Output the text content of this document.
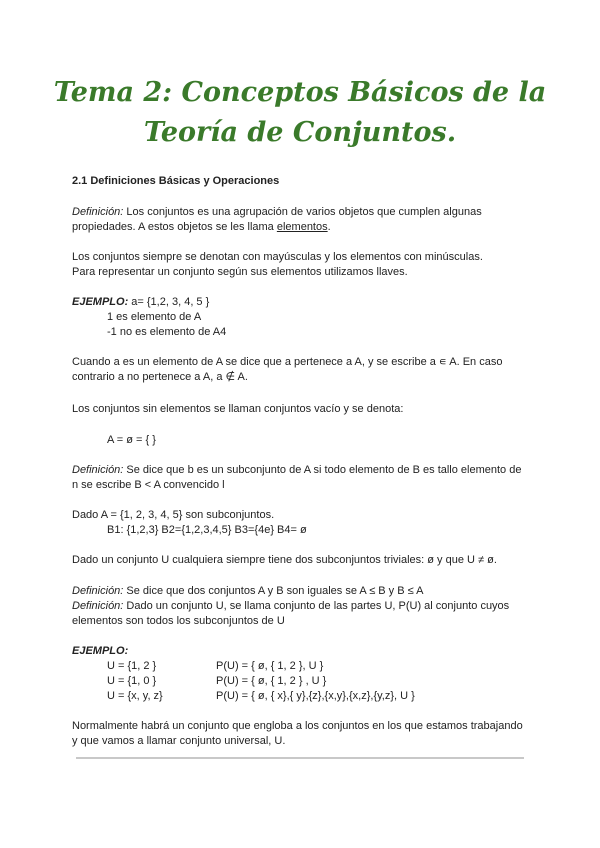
Tema 2: Conceptos Básicos de la
Teoría de Conjuntos.
2.1 Definiciones Básicas y Operaciones
Definición: Los conjuntos es una agrupación de varios objetos que cumplen algunas
propiedades. A estos objetos se les llama elementos.
Los conjuntos siempre se denotan con mayúsculas y los elementos con minúsculas.
Para representar un conjunto según sus elementos utilizamos llaves.
EJEMPLO: a= {1,2, 3, 4, 5 }
1 es elemento de A
-1 no es elemento de A4
Cuando a es un elemento de A se dice que a pertenece a A, y se escribe a ∊ A. En caso
contrario a no pertenece a A, a ∉ A.
Los conjuntos sin elementos se llaman conjuntos vacío y se denota:
A = ø = { }
Definición: Se dice que b es un subconjunto de A si todo elemento de B es tallo elemento de
n se escribe B < A convencido l
Dado A = {1, 2, 3, 4, 5} son subconjuntos.
B1: {1,2,3} B2={1,2,3,4,5} B3={4e} B4= ø
Dado un conjunto U cualquiera siempre tiene dos subconjuntos triviales: ø y que U ≠ ø.
Definición: Se dice que dos conjuntos A y B son iguales se A ≤ B y B ≤ A
Definición: Dado un conjunto U, se llama conjunto de las partes U, P(U) al conjunto cuyos
elementos son todos los subconjuntos de U
EJEMPLO:
U = {1, 2 }	P(U) = { ø, { 1, 2 }, U }
U = {1, 0 }	P(U) = { ø, { 1, 2 } , U }
U = {x, y, z}	P(U) = { ø, { x},{ y},{z},{x,y},{x,z},{y,z}, U }
Normalmente habrá un conjunto que engloba a los conjuntos en los que estamos trabajando
y que vamos a llamar conjunto universal, U.
